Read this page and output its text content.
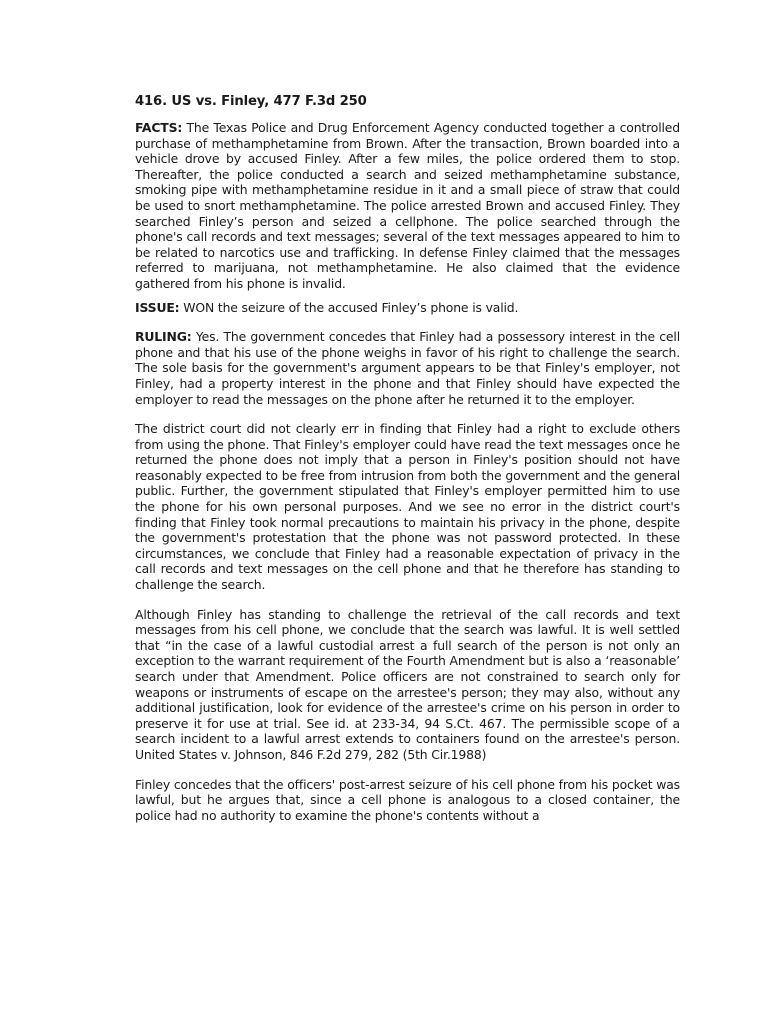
416. US vs. Finley, 477 F.3d 250

FACTS: The Texas Police and Drug Enforcement Agency conducted together a controlled purchase of methamphetamine from Brown. After the transaction, Brown boarded into a vehicle drove by accused Finley. After a few miles, the police ordered them to stop. Thereafter, the police conducted a search and seized methamphetamine substance, smoking pipe with methamphetamine residue in it and a small piece of straw that could be used to snort methamphetamine. The police arrested Brown and accused Finley. They searched Finley’s person and seized a cellphone. The police searched through the phone's call records and text messages; several of the text messages appeared to him to be related to narcotics use and trafficking. In defense Finley claimed that the messages referred to marijuana, not methamphetamine. He also claimed that the evidence gathered from his phone is invalid.

ISSUE: WON the seizure of the accused Finley’s phone is valid.

RULING: Yes. The government concedes that Finley had a possessory interest in the cell phone and that his use of the phone weighs in favor of his right to challenge the search. The sole basis for the government's argument appears to be that Finley's employer, not Finley, had a property interest in the phone and that Finley should have expected the employer to read the messages on the phone after he returned it to the employer.

The district court did not clearly err in finding that Finley had a right to exclude others from using the phone. That Finley's employer could have read the text messages once he returned the phone does not imply that a person in Finley's position should not have reasonably expected to be free from intrusion from both the government and the general public. Further, the government stipulated that Finley's employer permitted him to use the phone for his own personal purposes. And we see no error in the district court's finding that Finley took normal precautions to maintain his privacy in the phone, despite the government's protestation that the phone was not password protected. In these circumstances, we conclude that Finley had a reasonable expectation of privacy in the call records and text messages on the cell phone and that he therefore has standing to challenge the search.

Although Finley has standing to challenge the retrieval of the call records and text messages from his cell phone, we conclude that the search was lawful. It is well settled that “in the case of a lawful custodial arrest a full search of the person is not only an exception to the warrant requirement of the Fourth Amendment but is also a ‘reasonable’ search under that Amendment. Police officers are not constrained to search only for weapons or instruments of escape on the arrestee's person; they may also, without any additional justification, look for evidence of the arrestee's crime on his person in order to preserve it for use at trial. See id. at 233-34, 94 S.Ct. 467. The permissible scope of a search incident to a lawful arrest extends to containers found on the arrestee's person. United States v. Johnson, 846 F.2d 279, 282 (5th Cir.1988)

Finley concedes that the officers' post-arrest seizure of his cell phone from his pocket was lawful, but he argues that, since a cell phone is analogous to a closed container, the police had no authority to examine the phone's contents without a
